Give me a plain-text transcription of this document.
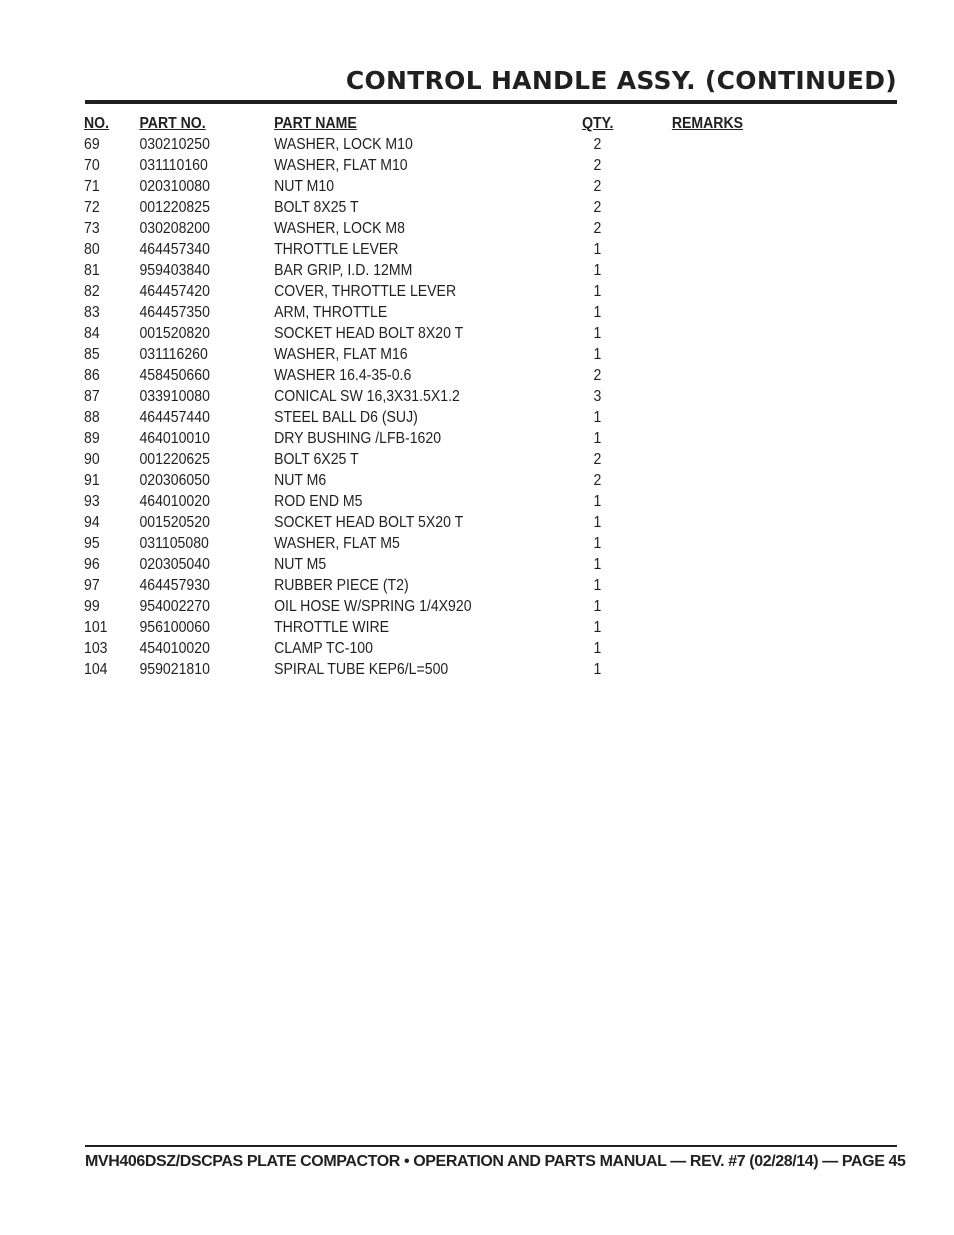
CONTROL HANDLE ASSY. (CONTINUED)
NO.	PART NO.	PART NAME	QTY.	REMARKS
69	030210250	WASHER, LOCK M10	2	
70	031110160	WASHER, FLAT M10	2	
71	020310080	NUT M10	2	
72	001220825	BOLT 8X25 T	2	
73	030208200	WASHER, LOCK M8	2	
80	464457340	THROTTLE LEVER	1	
81	959403840	BAR GRIP, I.D. 12MM	1	
82	464457420	COVER, THROTTLE LEVER	1	
83	464457350	ARM, THROTTLE	1	
84	001520820	SOCKET HEAD BOLT 8X20 T	1	
85	031116260	WASHER, FLAT M16	1	
86	458450660	WASHER 16.4-35-0.6	2	
87	033910080	CONICAL SW 16,3X31.5X1.2	3	
88	464457440	STEEL BALL D6 (SUJ)	1	
89	464010010	DRY BUSHING /LFB-1620	1	
90	001220625	BOLT 6X25 T	2	
91	020306050	NUT M6	2	
93	464010020	ROD END M5	1	
94	001520520	SOCKET HEAD BOLT 5X20 T	1	
95	031105080	WASHER, FLAT M5	1	
96	020305040	NUT M5	1	
97	464457930	RUBBER PIECE (T2)	1	
99	954002270	OIL HOSE W/SPRING 1/4X920	1	
101	956100060	THROTTLE WIRE	1	
103	454010020	CLAMP TC-100	1	
104	959021810	SPIRAL TUBE KEP6/L=500	1	
MVH406DSZ/DSCPAS PLATE COMPACTOR • OPERATION AND PARTS MANUAL — REV. #7 (02/28/14) — PAGE 45
